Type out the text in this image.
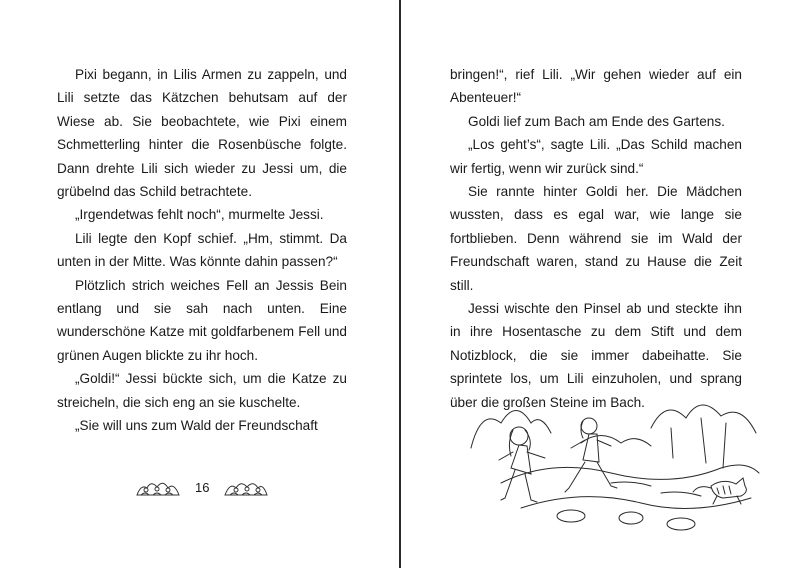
Pixi begann, in Lilis Armen zu zappeln, und Lili setzte das Kätzchen behutsam auf der Wiese ab. Sie beobachtete, wie Pixi einem Schmetterling hinter die Rosenbüsche folgte. Dann drehte Lili sich wieder zu Jessi um, die grübelnd das Schild betrachtete.

„Irgendetwas fehlt noch“, murmelte Jessi.

Lili legte den Kopf schief. „Hm, stimmt. Da unten in der Mitte. Was könnte dahin passen?“

Plötzlich strich weiches Fell an Jessis Bein entlang und sie sah nach unten. Eine wunderschöne Katze mit goldfarbenem Fell und grünen Augen blickte zu ihr hoch.

„Goldi!“ Jessi bückte sich, um die Katze zu streicheln, die sich eng an sie kuschelte.

„Sie will uns zum Wald der Freundschaft

16

bringen!“, rief Lili. „Wir gehen wieder auf ein Abenteuer!“

Goldi lief zum Bach am Ende des Gartens.

„Los geht’s“, sagte Lili. „Das Schild machen wir fertig, wenn wir zurück sind.“

Sie rannte hinter Goldi her. Die Mädchen wussten, dass es egal war, wie lange sie fortblieben. Denn während sie im Wald der Freundschaft waren, stand zu Hause die Zeit still.

Jessi wischte den Pinsel ab und steckte ihn in ihre Hosentasche zu dem Stift und dem Notizblock, die sie immer dabeihatte. Sie sprintete los, um Lili einzuholen, und sprang über die großen Steine im Bach.
